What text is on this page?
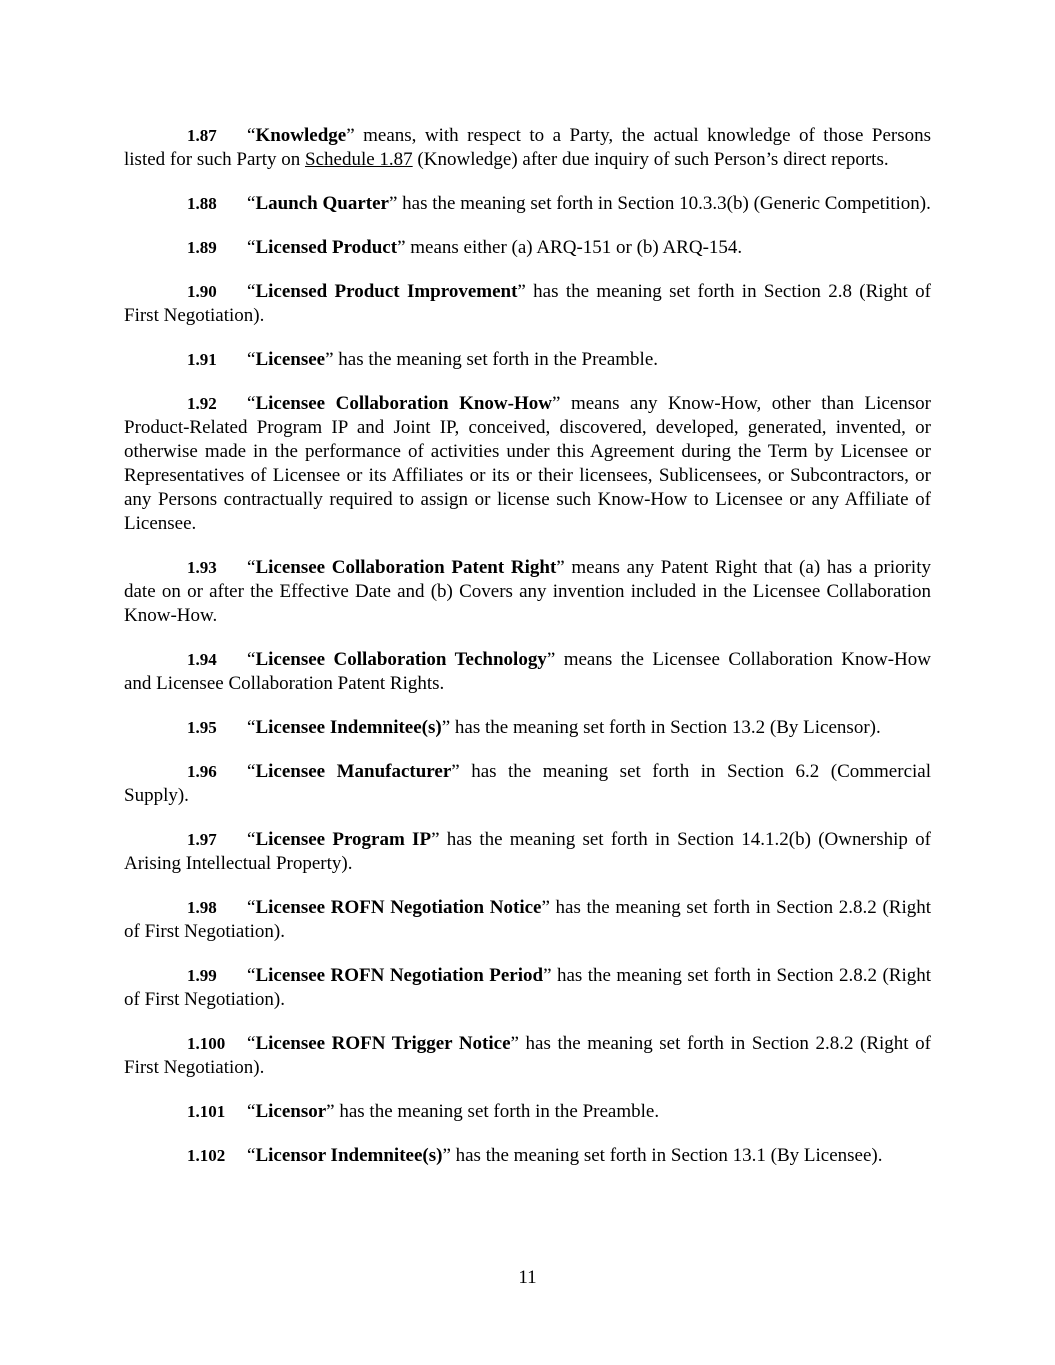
1.87 “Knowledge” means, with respect to a Party, the actual knowledge of those Persons listed for such Party on Schedule 1.87 (Knowledge) after due inquiry of such Person’s direct reports.

1.88 “Launch Quarter” has the meaning set forth in Section 10.3.3(b) (Generic Competition).

1.89 “Licensed Product” means either (a) ARQ-151 or (b) ARQ-154.

1.90 “Licensed Product Improvement” has the meaning set forth in Section 2.8 (Right of First Negotiation).

1.91 “Licensee” has the meaning set forth in the Preamble.

1.92 “Licensee Collaboration Know-How” means any Know-How, other than Licensor Product-Related Program IP and Joint IP, conceived, discovered, developed, generated, invented, or otherwise made in the performance of activities under this Agreement during the Term by Licensee or Representatives of Licensee or its Affiliates or its or their licensees, Sublicensees, or Subcontractors, or any Persons contractually required to assign or license such Know-How to Licensee or any Affiliate of Licensee.

1.93 “Licensee Collaboration Patent Right” means any Patent Right that (a) has a priority date on or after the Effective Date and (b) Covers any invention included in the Licensee Collaboration Know-How.

1.94 “Licensee Collaboration Technology” means the Licensee Collaboration Know-How and Licensee Collaboration Patent Rights.

1.95 “Licensee Indemnitee(s)” has the meaning set forth in Section 13.2 (By Licensor).

1.96 “Licensee Manufacturer” has the meaning set forth in Section 6.2 (Commercial Supply).

1.97 “Licensee Program IP” has the meaning set forth in Section 14.1.2(b) (Ownership of Arising Intellectual Property).

1.98 “Licensee ROFN Negotiation Notice” has the meaning set forth in Section 2.8.2 (Right of First Negotiation).

1.99 “Licensee ROFN Negotiation Period” has the meaning set forth in Section 2.8.2 (Right of First Negotiation).

1.100 “Licensee ROFN Trigger Notice” has the meaning set forth in Section 2.8.2 (Right of First Negotiation).

1.101 “Licensor” has the meaning set forth in the Preamble.

1.102 “Licensor Indemnitee(s)” has the meaning set forth in Section 13.1 (By Licensee).

11
